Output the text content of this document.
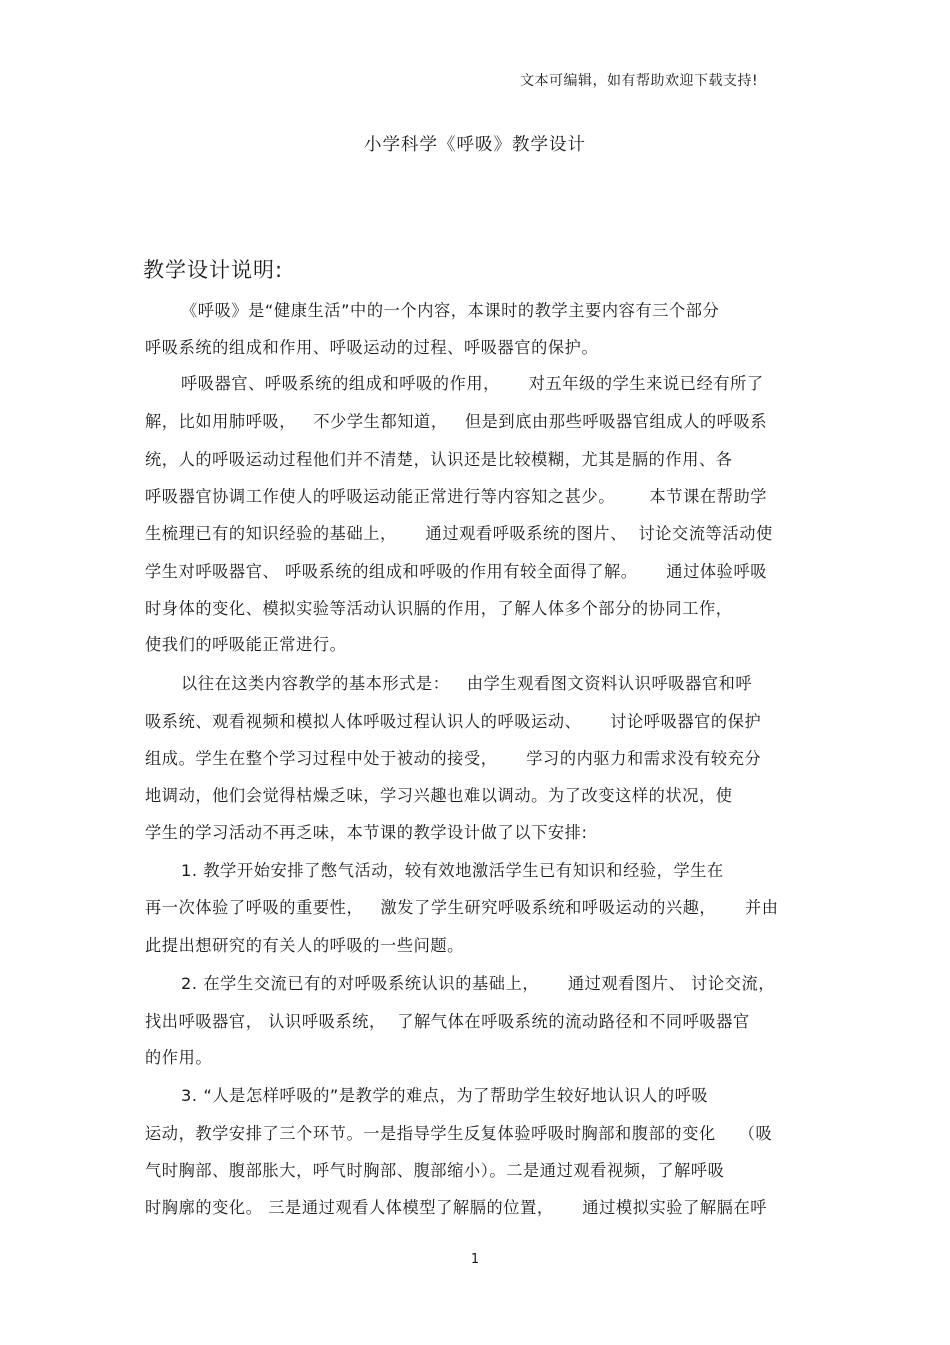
文本可编辑，如有帮助欢迎下载支持!
小学科学《呼吸》教学设计
教学设计说明:
《呼吸》是“健康生活”中的一个内容，本课时的教学主要内容有三个部分
呼吸系统的组成和作用、呼吸运动的过程、呼吸器官的保护。
呼吸器官、呼吸系统的组成和呼吸的作用，     对五年级的学生来说已经有所了
解，比如用肺呼吸，   不少学生都知道，   但是到底由那些呼吸器官组成人的呼吸系
统，人的呼吸运动过程他们并不清楚，认识还是比较模糊，尤其是膈的作用、各
呼吸器官协调工作使人的呼吸运动能正常进行等内容知之甚少。      本节课在帮助学
生梳理已有的知识经验的基础上，     通过观看呼吸系统的图片、  讨论交流等活动使
学生对呼吸器官、 呼吸系统的组成和呼吸的作用有较全面得了解。     通过体验呼吸
时身体的变化、模拟实验等活动认识膈的作用，了解人体多个部分的协同工作，
使我们的呼吸能正常进行。
以往在这类内容教学的基本形式是：   由学生观看图文资料认识呼吸器官和呼
吸系统、观看视频和模拟人体呼吸过程认识人的呼吸运动、     讨论呼吸器官的保护
组成。学生在整个学习过程中处于被动的接受，     学习的内驱力和需求没有较充分
地调动，他们会觉得枯燥乏味，学习兴趣也难以调动。为了改变这样的状况，使
学生的学习活动不再乏味，本节课的教学设计做了以下安排:
1. 教学开始安排了憋气活动，较有效地激活学生已有知识和经验，学生在
再一次体验了呼吸的重要性，   激发了学生研究呼吸系统和呼吸运动的兴趣，     并由
此提出想研究的有关人的呼吸的一些问题。
2. 在学生交流已有的对呼吸系统认识的基础上，     通过观看图片、 讨论交流，
找出呼吸器官， 认识呼吸系统，  了解气体在呼吸系统的流动路径和不同呼吸器官
的作用。
3. “人是怎样呼吸的”是教学的难点，为了帮助学生较好地认识人的呼吸
运动，教学安排了三个环节。一是指导学生反复体验呼吸时胸部和腹部的变化    （吸
气时胸部、腹部胀大，呼气时胸部、腹部缩小）。二是通过观看视频，了解呼吸
时胸廓的变化。 三是通过观看人体模型了解膈的位置，     通过模拟实验了解膈在呼
1
